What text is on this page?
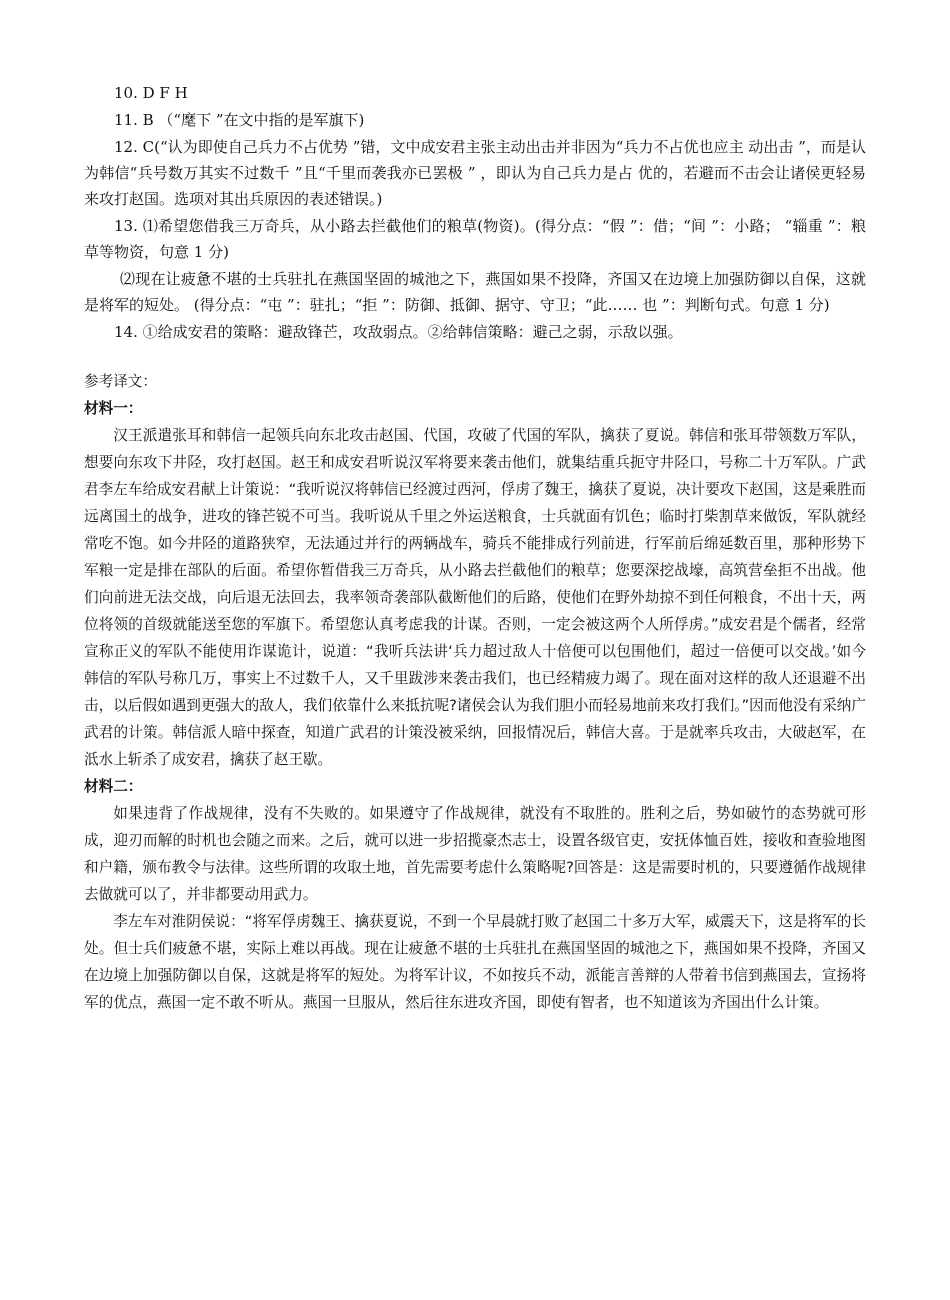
10. D F H

11. B （“麾下 ”在文中指的是军旗下)

12. C(“认为即使自己兵力不占优势 ”错，文中成安君主张主动出击并非因为“兵力不占优也应主 动出击 ”，而是认为韩信“兵号数万其实不过数千 ”且“千里而袭我亦已罢极 ” ，即认为自己兵力是占 优的，若避而不击会让诸侯更轻易来攻打赵国。选项对其出兵原因的表述错误。)

13. ⑴希望您借我三万奇兵，从小路去拦截他们的粮草(物资)。(得分点：“假 ”：借；“间 ”：小路； “辎重 ”：粮草等物资，句意 1 分)

⑵现在让疲惫不堪的士兵驻扎在燕国坚固的城池之下，燕国如果不投降，齐国又在边境上加强防御以自保，这就是将军的短处。 (得分点：“屯 ”：驻扎；“拒 ”：防御、抵御、据守、守卫；“此…… 也 ”：判断句式。句意 1 分)

14. ①给成安君的策略：避敌锋芒，攻敌弱点。②给韩信策略：避己之弱，示敌以强。

参考译文：

材料一：

汉王派遣张耳和韩信一起领兵向东北攻击赵国、代国，攻破了代国的军队，擒获了夏说。韩信和张耳带领数万军队，想要向东攻下井陉，攻打赵国。赵王和成安君听说汉军将要来袭击他们，就集结重兵扼守井陉口，号称二十万军队。广武君李左车给成安君献上计策说：“我听说汉将韩信已经渡过西河，俘虏了魏王，擒获了夏说，决计要攻下赵国，这是乘胜而远离国土的战争，进攻的锋芒锐不可当。我听说从千里之外运送粮食，士兵就面有饥色；临时打柴割草来做饭，军队就经常吃不饱。如今井陉的道路狭窄，无法通过并行的两辆战车，骑兵不能排成行列前进，行军前后绵延数百里，那种形势下军粮一定是排在部队的后面。希望你暂借我三万奇兵，从小路去拦截他们的粮草；您要深挖战壕，高筑营垒拒不出战。他们向前进无法交战，向后退无法回去，我率领奇袭部队截断他们的后路，使他们在野外劫掠不到任何粮食，不出十天，两位将领的首级就能送至您的军旗下。希望您认真考虑我的计谋。否则，一定会被这两个人所俘虏。”成安君是个儒者，经常宣称正义的军队不能使用诈谋诡计，说道：“我听兵法讲‘兵力超过敌人十倍便可以包围他们，超过一倍便可以交战。’如今韩信的军队号称几万，事实上不过数千人，又千里跋涉来袭击我们，也已经精疲力竭了。现在面对这样的敌人还退避不出击，以后假如遇到更强大的敌人，我们依靠什么来抵抗呢?诸侯会认为我们胆小而轻易地前来攻打我们。”因而他没有采纳广武君的计策。韩信派人暗中探查，知道广武君的计策没被采纳，回报情况后，韩信大喜。于是就率兵攻击，大破赵军，在泜水上斩杀了成安君，擒获了赵王歇。

材料二：

如果违背了作战规律，没有不失败的。如果遵守了作战规律，就没有不取胜的。胜利之后，势如破竹的态势就可形成，迎刃而解的时机也会随之而来。之后，就可以进一步招揽豪杰志士，设置各级官吏，安抚体恤百姓，接收和查验地图和户籍，颁布教令与法律。这些所谓的攻取土地，首先需要考虑什么策略呢?回答是：这是需要时机的，只要遵循作战规律去做就可以了，并非都要动用武力。

李左车对淮阴侯说：“将军俘虏魏王、擒获夏说，不到一个早晨就打败了赵国二十多万大军，威震天下，这是将军的长处。但士兵们疲惫不堪，实际上难以再战。现在让疲惫不堪的士兵驻扎在燕国坚固的城池之下，燕国如果不投降，齐国又在边境上加强防御以自保，这就是将军的短处。为将军计议，不如按兵不动，派能言善辩的人带着书信到燕国去，宣扬将军的优点，燕国一定不敢不听从。燕国一旦服从，然后往东进攻齐国，即使有智者，也不知道该为齐国出什么计策。
